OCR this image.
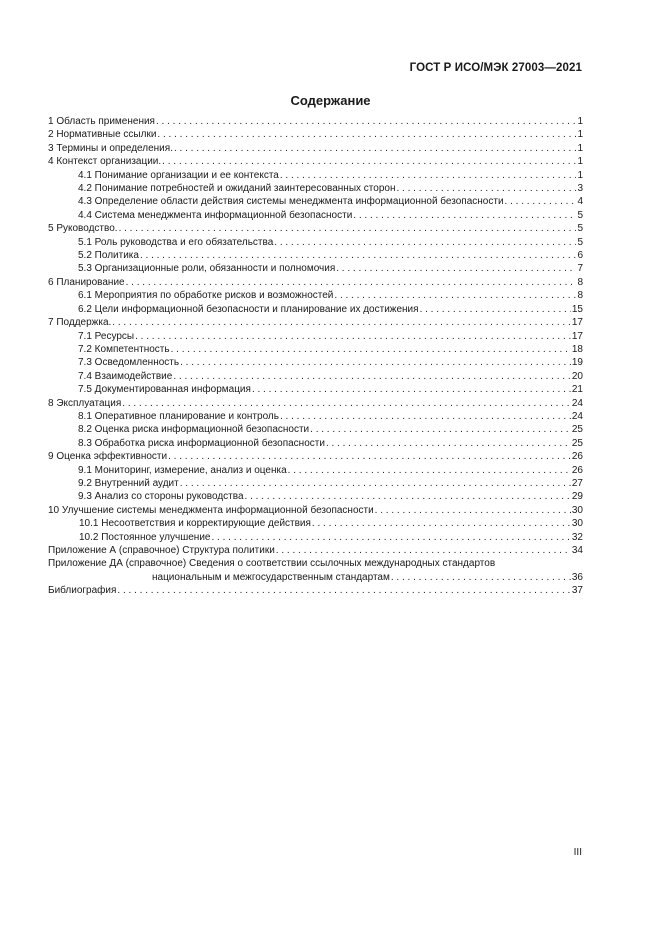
ГОСТ Р ИСО/МЭК 27003—2021
Содержание
1 Область применения . . .	1
2 Нормативные ссылки . . .	1
3 Термины и определения. . . .	1
4 Контекст организации. . . .	1
4.1 Понимание организации и ее контекста . . .	1
4.2 Понимание потребностей и ожиданий заинтересованных сторон . . .	3
4.3 Определение области действия системы менеджмента информационной безопасности . . .	4
4.4 Система менеджмента информационной безопасности . . .	5
5 Руководство. . . .	5
5.1 Роль руководства и его обязательства . . .	5
5.2 Политика . . .	6
5.3 Организационные роли, обязанности и полномочия . . .	7
6 Планирование . . .	8
6.1 Мероприятия по обработке рисков и возможностей . . .	8
6.2 Цели информационной безопасности и планирование их достижения . . .	15
7 Поддержка. . . .	17
7.1 Ресурсы . . .	17
7.2 Компетентность . . .	18
7.3 Осведомленность . . .	19
7.4 Взаимодействие . . .	20
7.5 Документированная информация . . .	21
8 Эксплуатация . . .	24
8.1 Оперативное планирование и контроль . . .	24
8.2 Оценка риска информационной безопасности . . .	25
8.3 Обработка риска информационной безопасности . . .	25
9 Оценка эффективности . . .	26
9.1 Мониторинг, измерение, анализ и оценка . . .	26
9.2 Внутренний аудит . . .	27
9.3 Анализ со стороны руководства . . .	29
10 Улучшение системы менеджмента информационной безопасности . . .	30
10.1 Несоответствия и корректирующие действия . . .	30
10.2 Постоянное улучшение . . .	32
Приложение А (справочное) Структура политики . . .	34
Приложение ДА (справочное) Сведения о соответствии ссылочных международных стандартов
национальным и межгосударственным стандартам . . .	36
Библиография . . .	37
III
